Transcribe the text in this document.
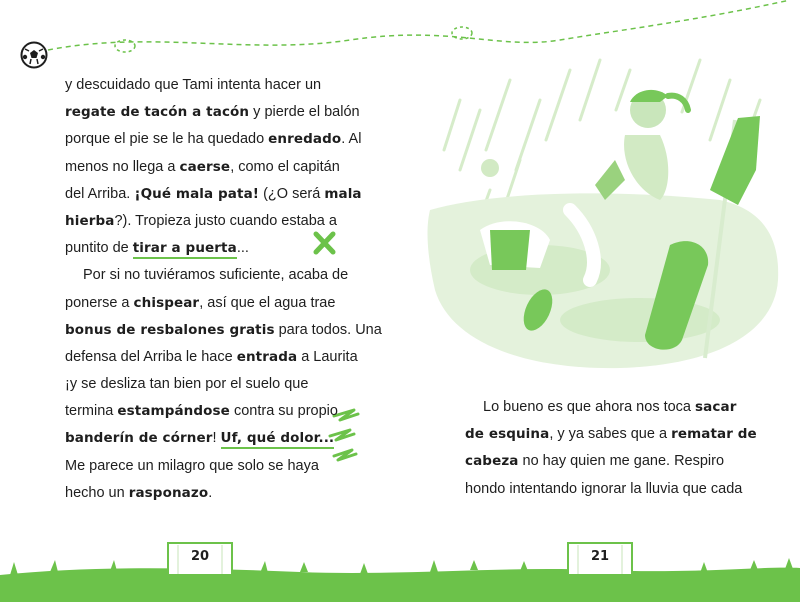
y descuidado que Tami intenta hacer un
regate de tacón a tacón y pierde el balón
porque el pie se le ha quedado enredado. Al
menos no llega a caerse, como el capitán
del Arriba. ¡Qué mala pata! (¿O será mala
hierba?). Tropieza justo cuando estaba a
puntito de tirar a puerta...
Por si no tuviéramos suficiente, acaba de
ponerse a chispear, así que el agua trae
bonus de resbalones gratis para todos. Una
defensa del Arriba le hace entrada a Laurita
¡y se desliza tan bien por el suelo que
termina estampándose contra su propio
banderín de córner! Uf, qué dolor...
Me parece un milagro que solo se haya
hecho un rasponazo.
Lo bueno es que ahora nos toca sacar
de esquina, y ya sabes que a rematar de
cabeza no hay quien me gane. Respiro
hondo intentando ignorar la lluvia que cada
20	21
